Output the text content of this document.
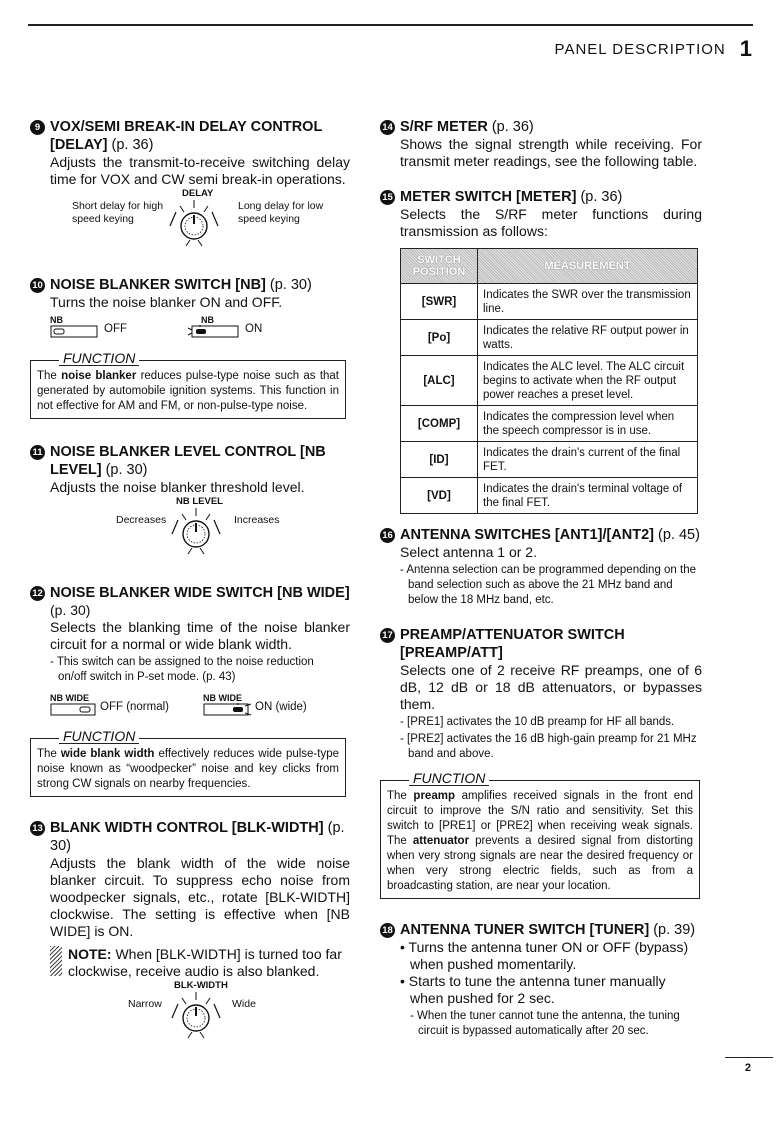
PANEL DESCRIPTION 1
9 VOX/SEMI BREAK-IN DELAY CONTROL [DELAY] (p. 36)
Adjusts the transmit-to-receive switching delay time for VOX and CW semi break-in operations.
DELAY
Short delay for high speed keying
Long delay for low speed keying
10 NOISE BLANKER SWITCH [NB] (p. 30)
Turns the noise blanker ON and OFF.
NB
OFF
NB
ON
FUNCTION
The noise blanker reduces pulse-type noise such as that generated by automobile ignition systems. This function in not effective for AM and FM, or non-pulse-type noise.
11 NOISE BLANKER LEVEL CONTROL [NB LEVEL] (p. 30)
Adjusts the noise blanker threshold level.
NB LEVEL
Decreases	Increases
12 NOISE BLANKER WIDE SWITCH [NB WIDE]
(p. 30)
Selects the blanking time of the noise blanker circuit for a normal or wide blank width.
- This switch can be assigned to the noise reduction
on/off switch in P-set mode. (p. 43)
NB WIDE
OFF (normal)
NB WIDE
ON (wide)
FUNCTION
The wide blank width effectively reduces wide pulse-type noise known as “woodpecker” noise and key clicks from strong CW signals on nearby frequencies.
13 BLANK WIDTH CONTROL [BLK-WIDTH] (p. 30)
Adjusts the blank width of the wide noise blanker circuit. To suppress echo noise from woodpecker signals, etc., rotate [BLK-WIDTH] clockwise. The setting is effective when [NB WIDE] is ON.
NOTE: When [BLK-WIDTH] is turned too far clockwise, receive audio is also blanked.
BLK-WIDTH
Narrow	Wide
14 S/RF METER (p. 36)
Shows the signal strength while receiving. For transmit meter readings, see the following table.
15 METER SWITCH [METER] (p. 36)
Selects the S/RF meter functions during transmission as follows:
SWITCH POSITION	MEASUREMENT
[SWR]	Indicates the SWR over the transmission line.
[Po]	Indicates the relative RF output power in watts.
[ALC]	Indicates the ALC level. The ALC circuit begins to activate when the RF output power reaches a preset level.
[COMP]	Indicates the compression level when the speech compressor is in use.
[ID]	Indicates the drain's current of the final FET.
[VD]	Indicates the drain's terminal voltage of the final FET.
16 ANTENNA SWITCHES [ANT1]/[ANT2] (p. 45)
Select antenna 1 or 2.
- Antenna selection can be programmed depending on the band selection such as above the 21 MHz band and below the 18 MHz band, etc.
17 PREAMP/ATTENUATOR SWITCH [PREAMP/ATT]
Selects one of 2 receive RF preamps, one of 6 dB, 12 dB or 18 dB attenuators, or bypasses them.
- [PRE1] activates the 10 dB preamp for HF all bands.
- [PRE2] activates the 16 dB high-gain preamp for 21 MHz band and above.
FUNCTION
The preamp amplifies received signals in the front end circuit to improve the S/N ratio and sensitivity. Set this switch to [PRE1] or [PRE2] when receiving weak signals. The attenuator prevents a desired signal from distorting when very strong signals are near the desired frequency or when very strong electric fields, such as from a broadcasting station, are near your location.
18 ANTENNA TUNER SWITCH [TUNER] (p. 39)
• Turns the antenna tuner ON or OFF (bypass) when pushed momentarily.
• Starts to tune the antenna tuner manually when pushed for 2 sec.
- When the tuner cannot tune the antenna, the tuning circuit is bypassed automatically after 20 sec.
2
